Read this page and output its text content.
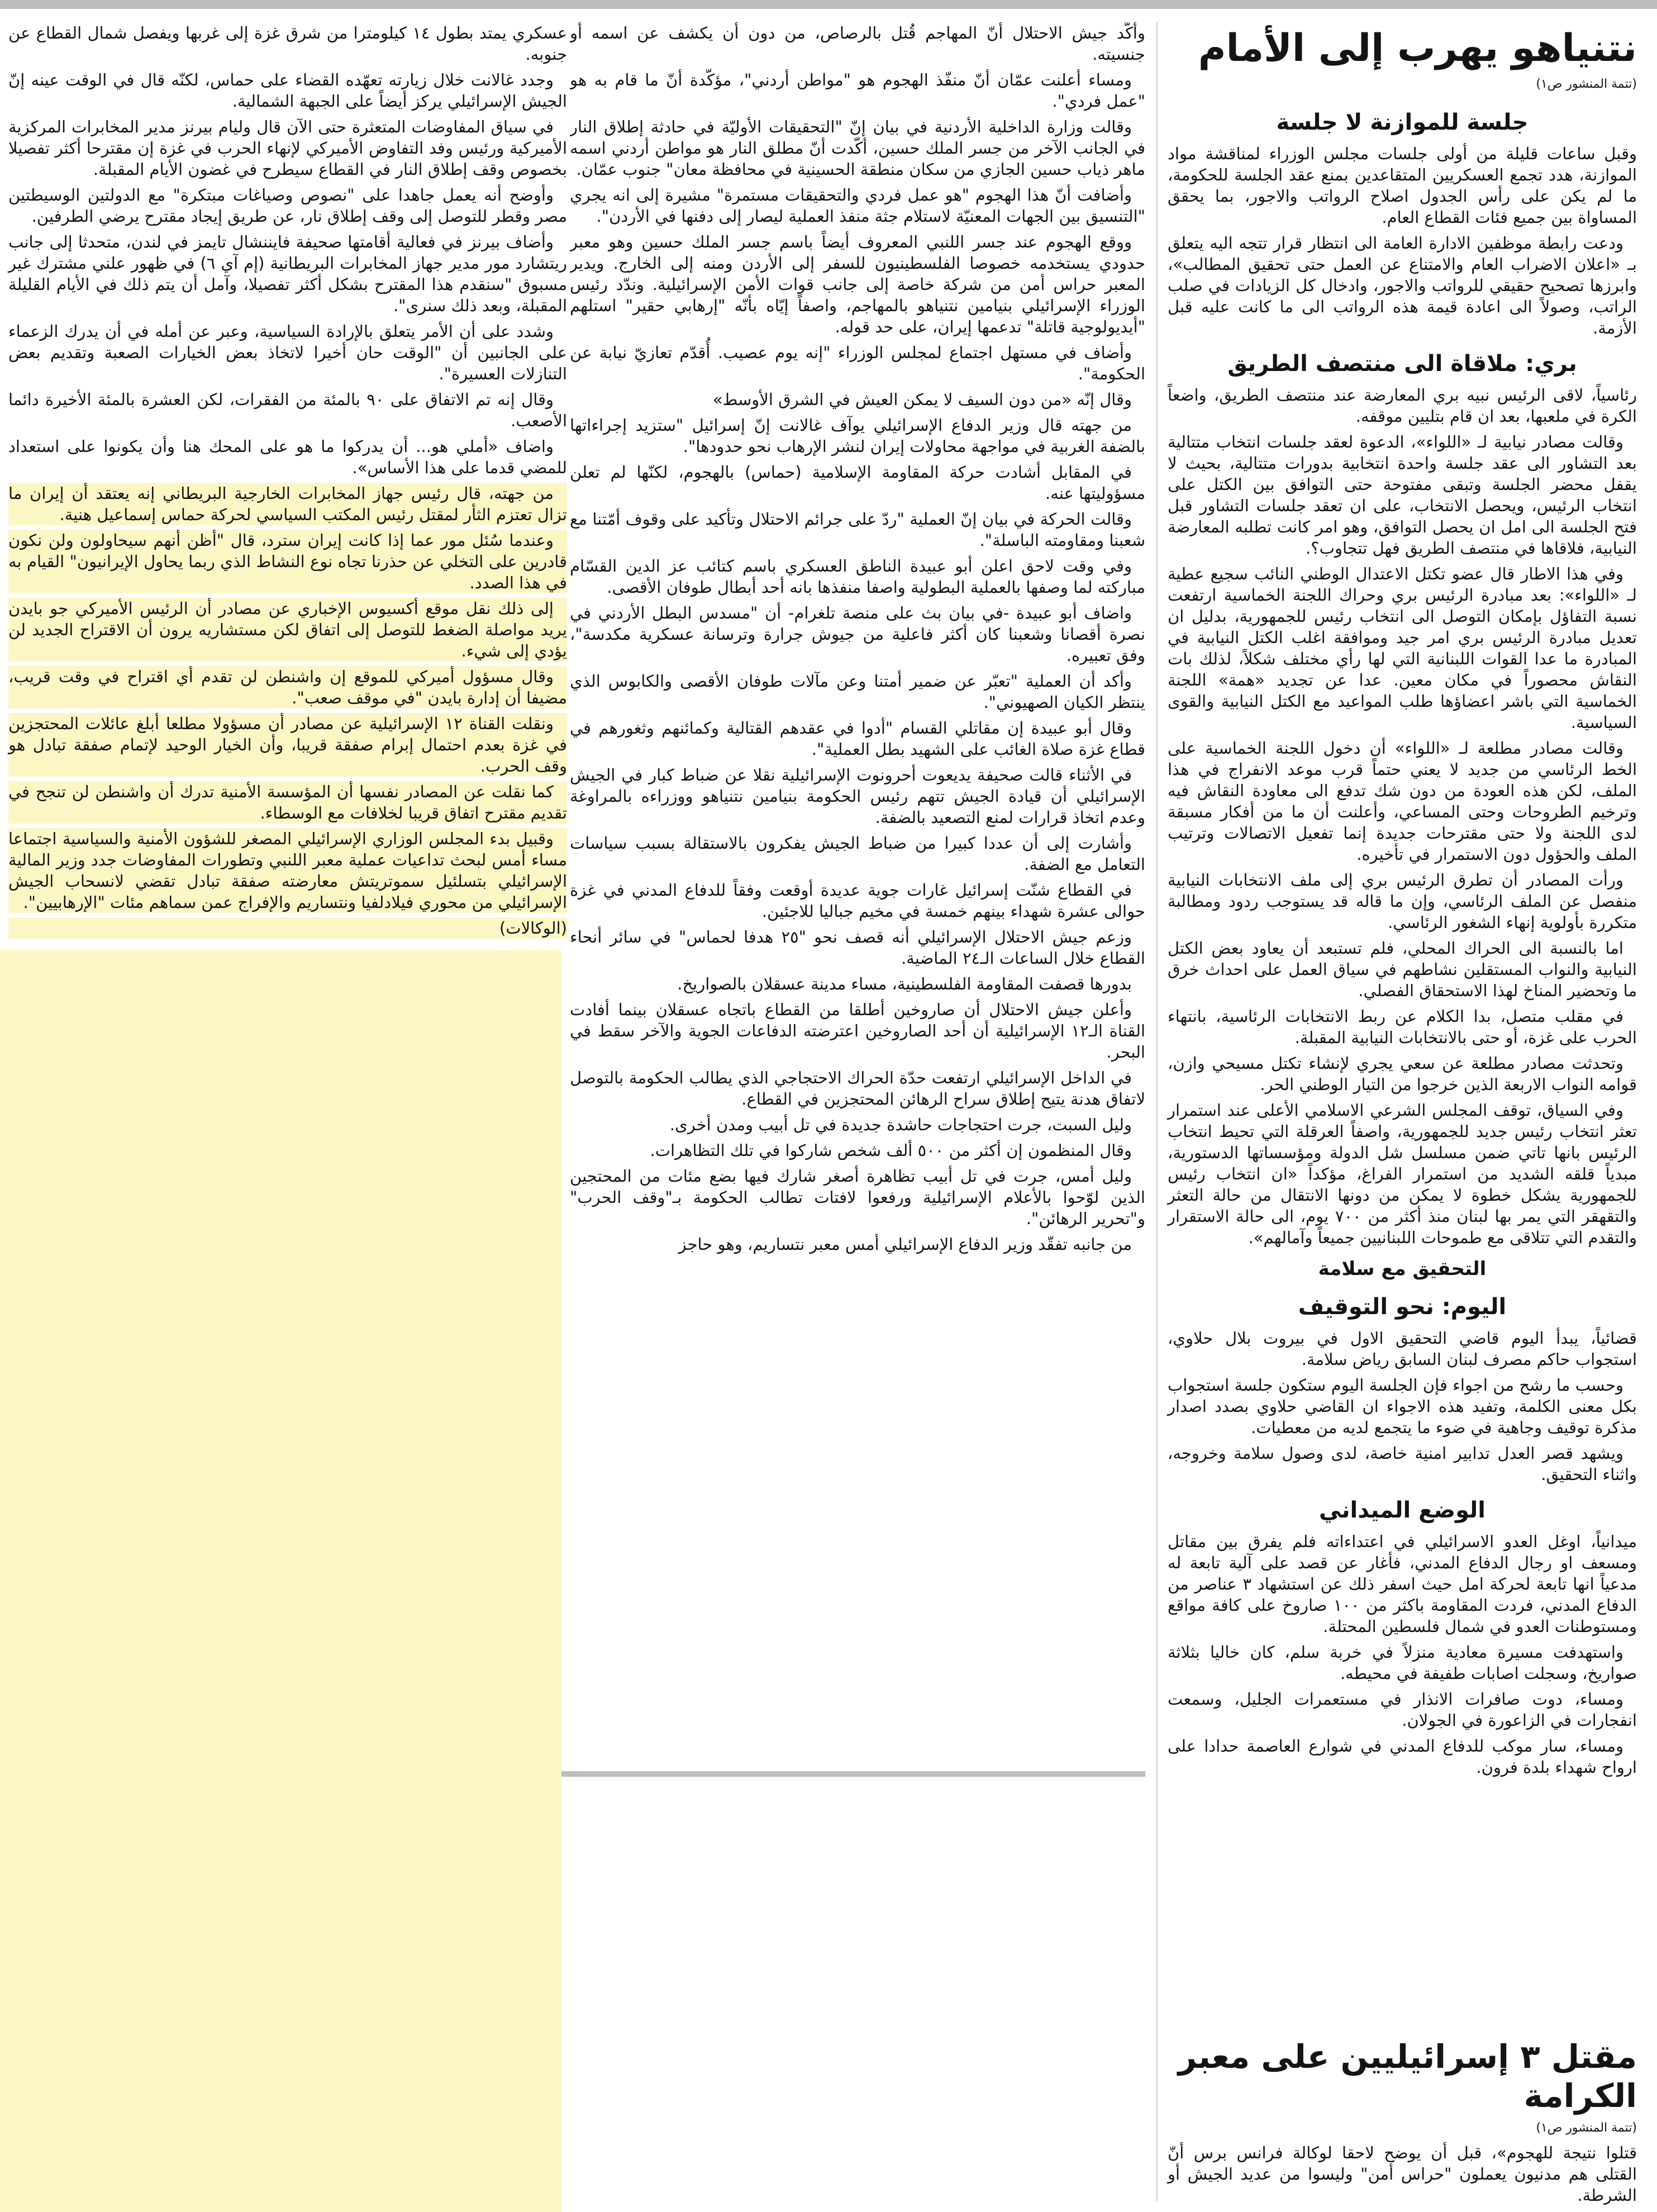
نتنياهو يهرب إلى الأمام
(تتمة المنشور ص١)
جلسة للموازنة لا جلسة

وقبل ساعات قليلة من أولى جلسات مجلس الوزراء لمناقشة مواد الموازنة، هدد تجمع العسكريين المتقاعدين بمنع عقد الجلسة للحكومة، ما لم يكن على رأس الجدول اصلاح الرواتب والاجور، بما يحقق المساواة بين جميع فئات القطاع العام.

ودعت رابطة موظفين الادارة العامة الى انتظار قرار تتجه اليه يتعلق بـ «اعلان الاضراب العام والامتناع عن العمل حتى تحقيق المطالب»، وابرزها تصحيح حقيقي للرواتب والاجور، وادخال كل الزيادات في صلب الراتب، وصولاً الى اعادة قيمة هذه الرواتب الى ما كانت عليه قبل الأزمة.

بري: ملاقاة الى منتصف الطريق

رئاسياً، لاقى الرئيس نبيه بري المعارضة عند منتصف الطريق، واضعاً الكرة في ملعبها، بعد ان قام بتليين موقفه.

وقالت مصادر نيابية لـ «اللواء»، الدعوة لعقد جلسات انتخاب متتالية بعد التشاور الى عقد جلسة واحدة انتخابية بدورات متتالية، بحيث لا يقفل محضر الجلسة وتبقى مفتوحة حتى التوافق بين الكتل على انتخاب الرئيس، ويحصل الانتخاب، على ان تعقد جلسات التشاور قبل فتح الجلسة الى امل ان يحصل التوافق، وهو امر كانت تطلبه المعارضة النيابية، فلاقاها في منتصف الطريق فهل تتجاوب؟.

وفي هذا الاطار قال عضو تكتل الاعتدال الوطني النائب سجيع عطية لـ «اللواء»: بعد مبادرة الرئيس بري وحراك اللجنة الخماسية ارتفعت نسبة التفاؤل بإمكان التوصل الى انتخاب رئيس للجمهورية، بدليل ان تعديل مبادرة الرئيس بري امر جيد وموافقة اغلب الكتل النيابية في المبادرة ما عدا القوات اللبنانية التي لها رأي مختلف شكلاً، لذلك بات النقاش محصوراً في مكان معين. عدا عن تجديد «همة» اللجنة الخماسية التي باشر اعضاؤها طلب المواعيد مع الكتل النيابية والقوى السياسية.

وقالت مصادر مطلعة لـ «اللواء» أن دخول اللجنة الخماسية على الخط الرئاسي من جديد لا يعني حتماً قرب موعد الانفراج في هذا الملف، لكن هذه العودة من دون شك تدفع الى معاودة النقاش فيه وترخيم الطروحات وحتى المساعي، وأعلنت أن ما من أفكار مسبقة لدى اللجنة ولا حتى مقترحات جديدة إنما تفعيل الاتصالات وترتيب الملف والحؤول دون الاستمرار في تأخيره.

ورأت المصادر أن تطرق الرئيس بري إلى ملف الانتخابات النيابية منفصل عن الملف الرئاسي، وإن ما قاله قد يستوجب ردود ومطالبة متكررة بأولوية إنهاء الشغور الرئاسي.

اما بالنسبة الى الحراك المحلي، فلم تستبعد أن يعاود بعض الكتل النيابية والنواب المستقلين نشاطهم في سياق العمل على احداث خرق ما وتحضير المناخ لهذا الاستحقاق الفصلي.

في مقلب متصل، بدا الكلام عن ربط الانتخابات الرئاسية، بانتهاء الحرب على غزة، أو حتى بالانتخابات النيابية المقبلة.

وتحدثت مصادر مطلعة عن سعي يجري لإنشاء تكتل مسيحي وازن، قوامه النواب الاربعة الذين خرجوا من التيار الوطني الحر.

وفي السياق، توقف المجلس الشرعي الاسلامي الأعلى عند استمرار تعثر انتخاب رئيس جديد للجمهورية، واصفاً العرقلة التي تحيط انتخاب الرئيس بانها تاتي ضمن مسلسل شل الدولة ومؤسساتها الدستورية، مبدياً قلقه الشديد من استمرار الفراغ، مؤكداً «ان انتخاب رئيس للجمهورية يشكل خطوة لا يمكن من دونها الانتقال من حالة التعثر والتقهقر التي يمر بها لبنان منذ أكثر من ٧٠٠ يوم، الى حالة الاستقرار والتقدم التي تتلاقى مع طموحات اللبنانيين جميعاً وآمالهم».

التحقيق مع سلامة
اليوم: نحو التوقيف

قضائياً، يبدأ اليوم قاضي التحقيق الاول في بيروت بلال حلاوي، استجواب حاكم مصرف لبنان السابق رياض سلامة.

وحسب ما رشح من اجواء فإن الجلسة اليوم ستكون جلسة استجواب بكل معنى الكلمة، وتفيد هذه الاجواء ان القاضي حلاوي بصدد اصدار مذكرة توقيف وجاهية في ضوء ما يتجمع لديه من معطيات.

ويشهد قصر العدل تدابير امنية خاصة، لدى وصول سلامة وخروجه، واثناء التحقيق.

الوضع الميداني

ميدانياً، اوغل العدو الاسرائيلي في اعتداءاته فلم يفرق بين مقاتل ومسعف او رجال الدفاع المدني، فأغار عن قصد على آلية تابعة له مدعياً انها تابعة لحركة امل حيث اسفر ذلك عن استشهاد ٣ عناصر من الدفاع المدني، فردت المقاومة باكثر من ١٠٠ صاروخ على كافة مواقع ومستوطنات العدو في شمال فلسطين المحتلة.

واستهدفت مسيرة معادية منزلاً في خربة سلم، كان خاليا بثلاثة صواريخ، وسجلت اصابات طفيفة في محيطه.

ومساء، دوت صافرات الانذار في مستعمرات الجليل، وسمعت انفجارات في الزاعورة في الجولان.

ومساء، سار موكب للدفاع المدني في شوارع العاصمة حدادا على ارواح شهداء بلدة فرون.

مقتل ٣ إسرائيليين على معبر الكرامة
(تتمة المنشور ص١)

قتلوا نتيجة للهجوم»، قبل أن يوضح لاحقا لوكالة فرانس برس أنّ القتلى هم مدنيون يعملون "حراس أمن" وليسوا من عديد الجيش أو الشرطة.

وأكّد جيش الاحتلال أنّ المهاجم قُتل بالرصاص، من دون أن يكشف عن اسمه أو جنسيته.

ومساء أعلنت عمّان أنّ منفّذ الهجوم هو "مواطن أردني"، مؤكّدة أنّ ما قام به هو "عمل فردي".

وقالت وزارة الداخلية الأردنية في بيان إنّ "التحقيقات الأوليّة في حادثة إطلاق النار في الجانب الآخر من جسر الملك حسين، أكّدت أنّ مطلق النار هو مواطن أردني اسمه ماهر ذياب حسين الجازي من سكان منطقة الحسينية في محافظة معان" جنوب عمّان.

وأضافت أنّ هذا الهجوم "هو عمل فردي والتحقيقات مستمرة" مشيرة إلى انه يجري "التنسيق بين الجهات المعنيّة لاستلام جثة منفذ العملية ليصار إلى دفنها في الأردن".

ووقع الهجوم عند جسر اللنبي المعروف أيضاً باسم جسر الملك حسين وهو معبر حدودي يستخدمه خصوصا الفلسطينيون للسفر إلى الأردن ومنه إلى الخارج. ويدير المعبر حراس أمن من شركة خاصة إلى جانب قوات الأمن الإسرائيلية. وندّد رئيس الوزراء الإسرائيلي بنيامين نتنياهو بالمهاجم، واصفاً إيّاه بأنّه "إرهابي حقير" استلهم "أيديولوجية قاتلة" تدعمها إيران، على حد قوله.

وأضاف في مستهل اجتماع لمجلس الوزراء "إنه يوم عصيب. أُقدّم تعازيّ نيابة عن الحكومة".

وقال إنّه «من دون السيف لا يمكن العيش في الشرق الأوسط»

من جهته قال وزير الدفاع الإسرائيلي يوآف غالانت إنّ إسرائيل "ستزيد إجراءاتها بالضفة الغربية في مواجهة محاولات إيران لنشر الإرهاب نحو حدودها".

في المقابل أشادت حركة المقاومة الإسلامية (حماس) بالهجوم، لكنّها لم تعلن مسؤوليتها عنه.

وقالت الحركة في بيان إنّ العملية "ردّ على جرائم الاحتلال وتأكيد على وقوف أمّتنا مع شعبنا ومقاومته الباسلة".

وفي وقت لاحق اعلن أبو عبيدة الناطق العسكري باسم كتائب عز الدين القسّام مباركته لما وصفها بالعملية البطولية واصفا منفذها بانه أحد أبطال طوفان الأقصى.

واضاف أبو عبيدة -في بيان بث على منصة تلغرام- أن "مسدس البطل الأردني في نصرة أقصانا وشعبنا كان أكثر فاعلية من جيوش جرارة وترسانة عسكرية مكدسة"، وفق تعبيره.

وأكد أن العملية "تعبّر عن ضمير أمتنا وعن مآلات طوفان الأقصى والكابوس الذي ينتظر الكيان الصهيوني".

وقال أبو عبيدة إن مقاتلي القسام "أدوا في عقدهم القتالية وكمائنهم وثغورهم في قطاع غزة صلاة الغائب على الشهيد بطل العملية".

في الأثناء قالت صحيفة يديعوت أحرونوت الإسرائيلية نقلا عن ضباط كبار في الجيش الإسرائيلي أن قيادة الجيش تتهم رئيس الحكومة بنيامين نتنياهو ووزراءه بالمراوغة وعدم اتخاذ قرارات لمنع التصعيد بالضفة.

وأشارت إلى أن عددا كبيرا من ضباط الجيش يفكرون بالاستقالة بسبب سياسات التعامل مع الضفة.

في القطاع شنّت إسرائيل غارات جوية عديدة أوقعت وفقاً للدفاع المدني في غزة حوالى عشرة شهداء بينهم خمسة في مخيم جباليا للاجئين.

وزعم جيش الاحتلال الإسرائيلي أنه قصف نحو "٢٥ هدفا لحماس" في سائر أنحاء القطاع خلال الساعات الـ٢٤ الماضية.

بدورها قصفت المقاومة الفلسطينية، مساء مدينة عسقلان بالصواريخ.

وأعلن جيش الاحتلال أن صاروخين أطلقا من القطاع باتجاه عسقلان بينما أفادت القناة الـ١٢ الإسرائيلية أن أحد الصاروخين اعترضته الدفاعات الجوية والآخر سقط في البحر.

في الداخل الإسرائيلي ارتفعت حدّة الحراك الاحتجاجي الذي يطالب الحكومة بالتوصل لاتفاق هدنة يتيح إطلاق سراح الرهائن المحتجزين في القطاع.

وليل السبت، جرت احتجاجات حاشدة جديدة في تل أبيب ومدن أخرى.

وقال المنظمون إن أكثر من ٥٠٠ ألف شخص شاركوا في تلك التظاهرات.

وليل أمس، جرت في تل أبيب تظاهرة أصغر شارك فيها بضع مئات من المحتجين الذين لوّحوا بالأعلام الإسرائيلية ورفعوا لافتات تطالب الحكومة بـ"وقف الحرب" و"تحرير الرهائن".

من جانبه تفقّد وزير الدفاع الإسرائيلي أمس معبر نتساريم، وهو حاجز

عسكري يمتد بطول ١٤ كيلومترا من شرق غزة إلى غربها ويفصل شمال القطاع عن جنوبه.

وجدد غالانت خلال زيارته تعهّده القضاء على حماس، لكنّه قال في الوقت عينه إنّ الجيش الإسرائيلي يركز أيضاً على الجبهة الشمالية.

في سياق المفاوضات المتعثرة حتى الآن قال وليام بيرنز مدير المخابرات المركزية الأميركية ورئيس وفد التفاوض الأميركي لإنهاء الحرب في غزة إن مقترحا أكثر تفصيلا بخصوص وقف إطلاق النار في القطاع سيطرح في غضون الأيام المقبلة.

وأوضح أنه يعمل جاهدا على "نصوص وصياغات مبتكرة" مع الدولتين الوسيطتين مصر وقطر للتوصل إلى وقف إطلاق نار، عن طريق إيجاد مقترح يرضي الطرفين.

وأضاف بيرنز في فعالية أقامتها صحيفة فايننشال تايمز في لندن، متحدثا إلى جانب ريتشارد مور مدير جهاز المخابرات البريطانية (إم آي ٦) في ظهور علني مشترك غير مسبوق "سنقدم هذا المقترح بشكل أكثر تفصيلا، وآمل أن يتم ذلك في الأيام القليلة المقبلة، وبعد ذلك سنرى".

وشدد على أن الأمر يتعلق بالإرادة السياسية، وعبر عن أمله في أن يدرك الزعماء على الجانبين أن "الوقت حان أخيرا لاتخاذ بعض الخيارات الصعبة وتقديم بعض التنازلات العسيرة".

وقال إنه تم الاتفاق على ٩٠ بالمئة من الفقرات، لكن العشرة بالمئة الأخيرة دائما الأصعب.

واضاف «أملي هو... أن يدركوا ما هو على المحك هنا وأن يكونوا على استعداد للمضي قدما على هذا الأساس».

من جهته، قال رئيس جهاز المخابرات الخارجية البريطاني إنه يعتقد أن إيران ما تزال تعتزم الثأر لمقتل رئيس المكتب السياسي لحركة حماس إسماعيل هنية.

وعندما سُئل مور عما إذا كانت إيران سترد، قال "أظن أنهم سيحاولون ولن نكون قادرين على التخلي عن حذرنا تجاه نوع النشاط الذي ربما يحاول الإيرانيون" القيام به في هذا الصدد.

إلى ذلك نقل موقع أكسيوس الإخباري عن مصادر أن الرئيس الأميركي جو بايدن يريد مواصلة الضغط للتوصل إلى اتفاق لكن مستشاريه يرون أن الاقتراح الجديد لن يؤدي إلى شيء.

وقال مسؤول أميركي للموقع إن واشنطن لن تقدم أي اقتراح في وقت قريب، مضيفا أن إدارة بايدن "في موقف صعب".

ونقلت القناة ١٢ الإسرائيلية عن مصادر أن مسؤولا مطلعا أبلغ عائلات المحتجزين في غزة بعدم احتمال إبرام صفقة قريبا، وأن الخيار الوحيد لإتمام صفقة تبادل هو وقف الحرب.

كما نقلت عن المصادر نفسها أن المؤسسة الأمنية تدرك أن واشنطن لن تنجح في تقديم مقترح اتفاق قريبا لخلافات مع الوسطاء.

وقبيل بدء المجلس الوزاري الإسرائيلي المصغر للشؤون الأمنية والسياسية اجتماعا مساء أمس لبحث تداعيات عملية معبر اللنبي وتطورات المفاوضات جدد وزير المالية الإسرائيلي بتسلئيل سموتريتش معارضته صفقة تبادل تقضي لانسحاب الجيش الإسرائيلي من محوري فيلادلفيا ونتساريم والإفراج عمن سماهم مئات "الإرهابيين".

(الوكالات)
